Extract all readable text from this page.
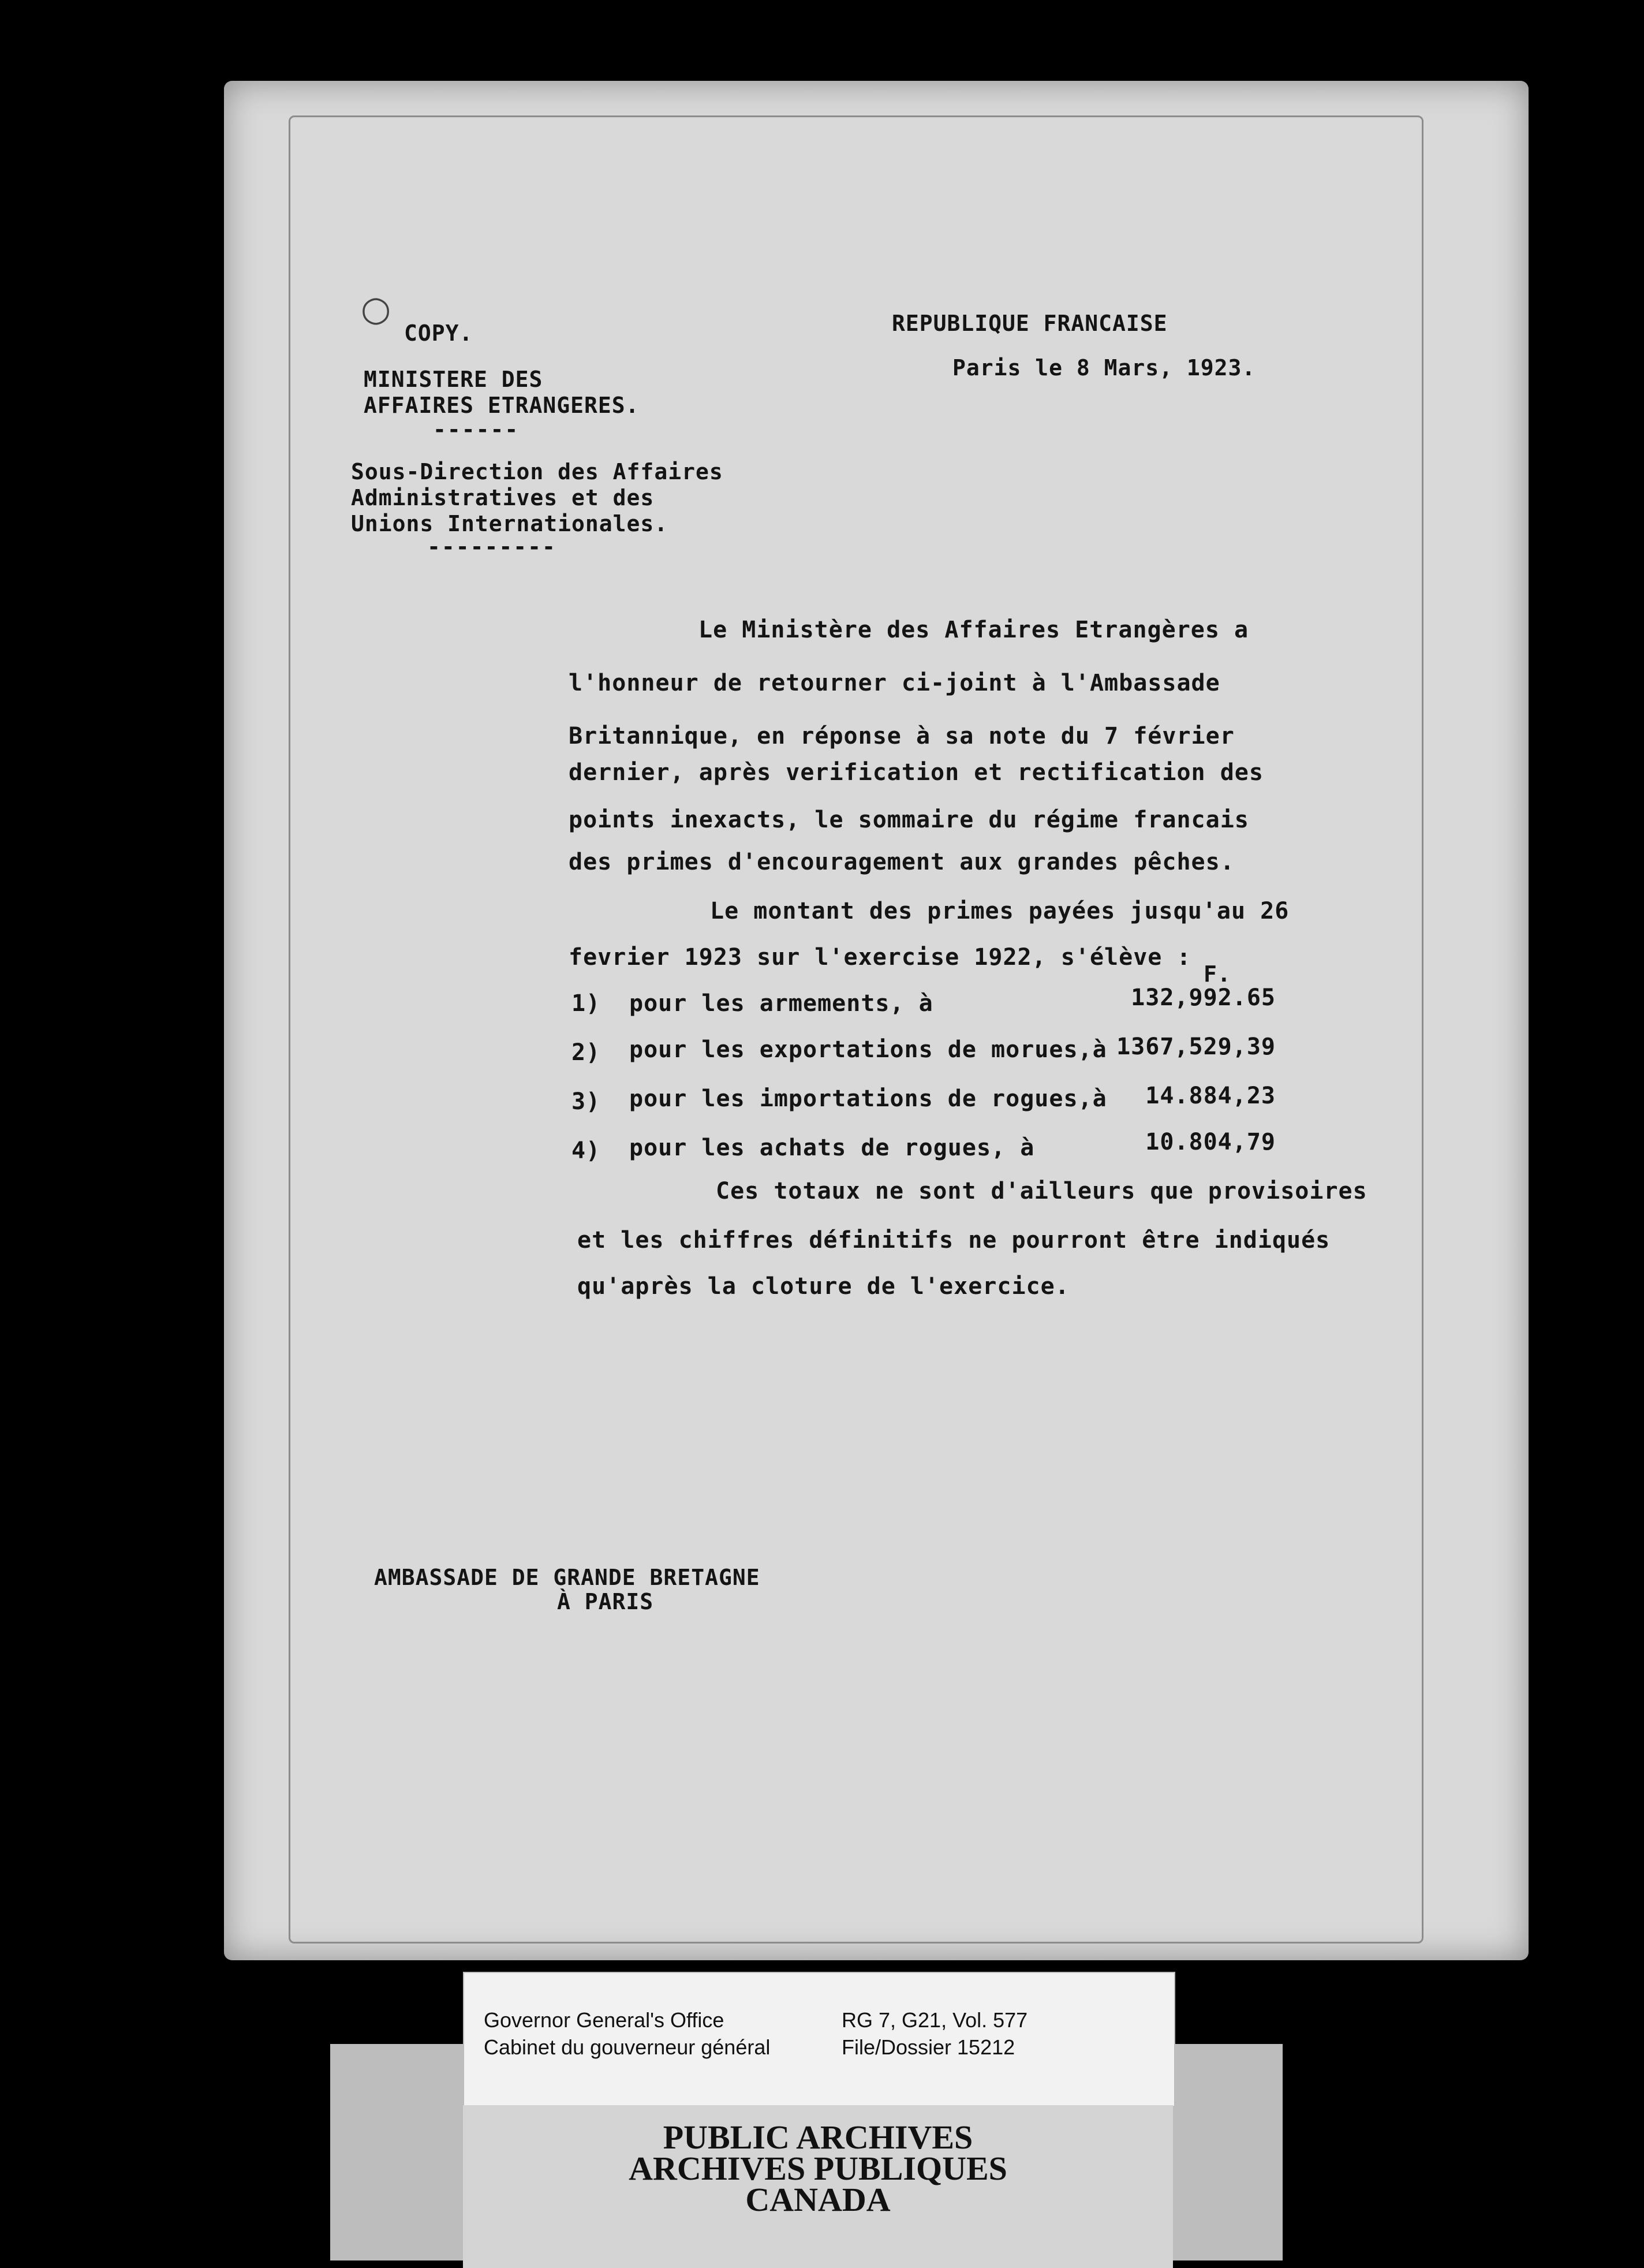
○
COPY.	REPUBLIQUE FRANCAISE
Paris le 8 Mars, 1923.
MINISTERE DES
AFFAIRES ETRANGERES.
------
Sous-Direction des Affaires
Administratives et des
Unions Internationales.
---------
Le Ministère des Affaires Etrangères a
l'honneur de retourner ci-joint à l'Ambassade
Britannique, en réponse à sa note du 7 février
dernier, après verification et rectification des
points inexacts, le sommaire du régime francais
des primes d'encouragement aux grandes pêches.
Le montant des primes payées jusqu'au 26
fevrier 1923 sur l'exercise 1922, s'élève :
F.
1) pour les armements, à	132,992.65
2) pour les exportations de morues,à 1367,529,39
3) pour les importations de rogues,à	14.884,23
4) pour les achats de rogues, à	10.804,79
Ces totaux ne sont d'ailleurs que provisoires
et les chiffres définitifs ne pourront être indiqués
qu'après la cloture de l'exercice.
AMBASSADE DE GRANDE BRETAGNE
À PARIS
Governor General's Office
Cabinet du gouverneur général
RG 7, G21, Vol. 577
File/Dossier 15212
PUBLIC ARCHIVES
ARCHIVES PUBLIQUES
CANADA
